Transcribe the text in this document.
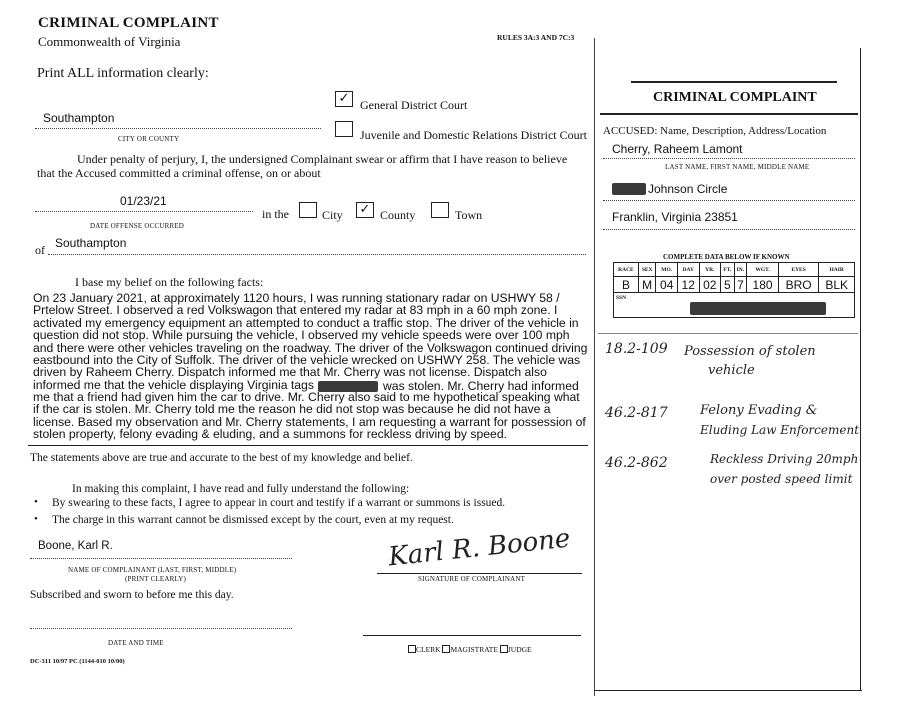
CRIMINAL COMPLAINT
Commonwealth of Virginia	RULES 3A:3 AND 7C:3
Print ALL information clearly:
Southampton
CITY OR COUNTY
✓ General District Court
Juvenile and Domestic Relations District Court
Under penalty of perjury, I, the undersigned Complainant swear or affirm that I have reason to believe that the Accused committed a criminal offense, on or about
01/23/21
DATE OFFENSE OCCURRED
in the	City ✓ County	Town
of Southampton
I base my belief on the following facts:
On 23 January 2021, at approximately 1120 hours, I was running stationary radar on USHWY 58 /
Prtelow Street. I observed a red Volkswagon that entered my radar at 83 mph in a 60 mph zone. I
activated my emergency equipment an attempted to conduct a traffic stop. The driver of the vehicle in
question did not stop. While pursuing the vehicle, I observed my vehicle speeds were over 100 mph
and there were other vehicles traveling on the roadway. The driver of the Volkswagon continued driving
eastbound into the City of Suffolk. The driver of the vehicle wrecked on USHWY 258. The vehicle was
driven by Raheem Cherry. Dispatch informed me that Mr. Cherry was not license. Dispatch also
informed me that the vehicle displaying Virginia tags	was stolen. Mr. Cherry had informed
me that a friend had given him the car to drive. Mr. Cherry also said to me hypothetical speaking what
if the car is stolen. Mr. Cherry told me the reason he did not stop was because he did not have a
license. Based my observation and Mr. Cherry statements, I am requesting a warrant for possession of
stolen property, felony evading & eluding, and a summons for reckless driving by speed.
The statements above are true and accurate to the best of my knowledge and belief.
In making this complaint, I have read and fully understand the following:
• By swearing to these facts, I agree to appear in court and testify if a warrant or summons is issued.
• The charge in this warrant cannot be dismissed except by the court, even at my request.
Boone, Karl R.
NAME OF COMPLAINANT (LAST, FIRST, MIDDLE)
(PRINT CLEARLY)
Karl R. Boone
SIGNATURE OF COMPLAINANT
Subscribed and sworn to before me this day.
DATE AND TIME
CLERK MAGISTRATE JUDGE
DC-311 10/97 PC (1144-010 10/00)
CRIMINAL COMPLAINT
ACCUSED: Name, Description, Address/Location
Cherry, Raheem Lamont
LAST NAME, FIRST NAME, MIDDLE NAME
Johnson Circle
Franklin, Virginia 23851
COMPLETE DATA BELOW IF KNOWN
RACE	SEX	MO.	DAY	YR.	FT.	IN.	WGT.	EYES	HAIR
B	M	04	12	02	5	7	180	BRO	BLK
SSN									
18.2-109 Possession of stolen
vehicle
46.2-817 Felony Evading &
Eluding Law Enforcement
46.2-862	Reckless Driving 20mph
over posted speed limit
